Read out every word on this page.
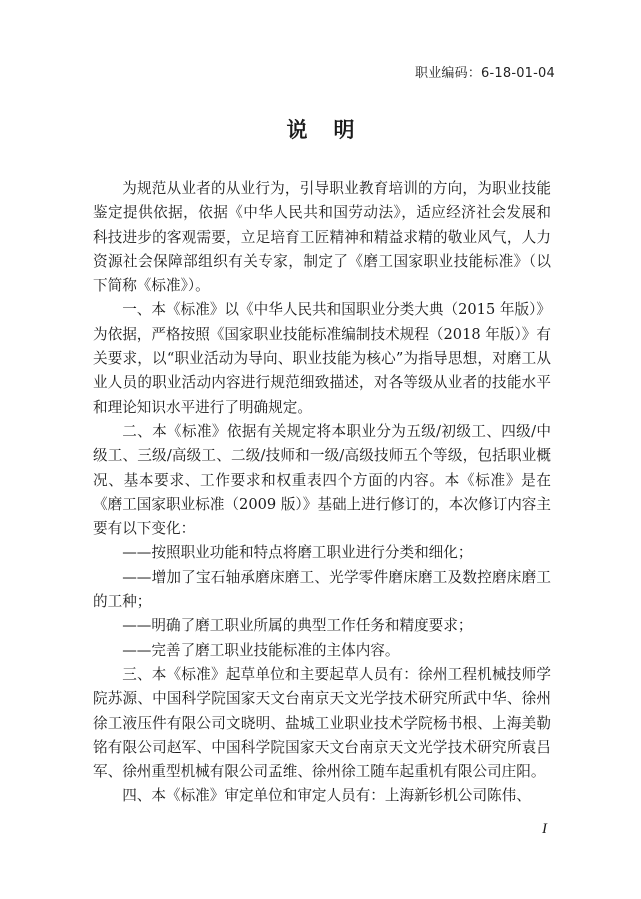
职业编码：6-18-01-04
说明

为规范从业者的从业行为，引导职业教育培训的方向，为职业技能鉴定提供依据，依据《中华人民共和国劳动法》，适应经济社会发展和科技进步的客观需要，立足培育工匠精神和精益求精的敬业风气，人力资源社会保障部组织有关专家，制定了《磨工国家职业技能标准》（以下简称《标准》）。

一、本《标准》以《中华人民共和国职业分类大典（2015 年版）》为依据，严格按照《国家职业技能标准编制技术规程（2018 年版）》有关要求，以“职业活动为导向、职业技能为核心”为指导思想，对磨工从业人员的职业活动内容进行规范细致描述，对各等级从业者的技能水平和理论知识水平进行了明确规定。

二、本《标准》依据有关规定将本职业分为五级/初级工、四级/中级工、三级/高级工、二级/技师和一级/高级技师五个等级，包括职业概况、基本要求、工作要求和权重表四个方面的内容。本《标准》是在《磨工国家职业标准（2009 版）》基础上进行修订的，本次修订内容主要有以下变化：

——按照职业功能和特点将磨工职业进行分类和细化；

——增加了宝石轴承磨床磨工、光学零件磨床磨工及数控磨床磨工的工种；

——明确了磨工职业所属的典型工作任务和精度要求；

——完善了磨工职业技能标准的主体内容。

三、本《标准》起草单位和主要起草人员有：徐州工程机械技师学院苏源、中国科学院国家天文台南京天文光学技术研究所武中华、徐州徐工液压件有限公司文晓明、盐城工业职业技术学院杨书根、上海美勒铭有限公司赵军、中国科学院国家天文台南京天文光学技术研究所袁吕军、徐州重型机械有限公司孟维、徐州徐工随车起重机有限公司庄阳。

四、本《标准》审定单位和审定人员有：上海新钐机公司陈伟、

I
